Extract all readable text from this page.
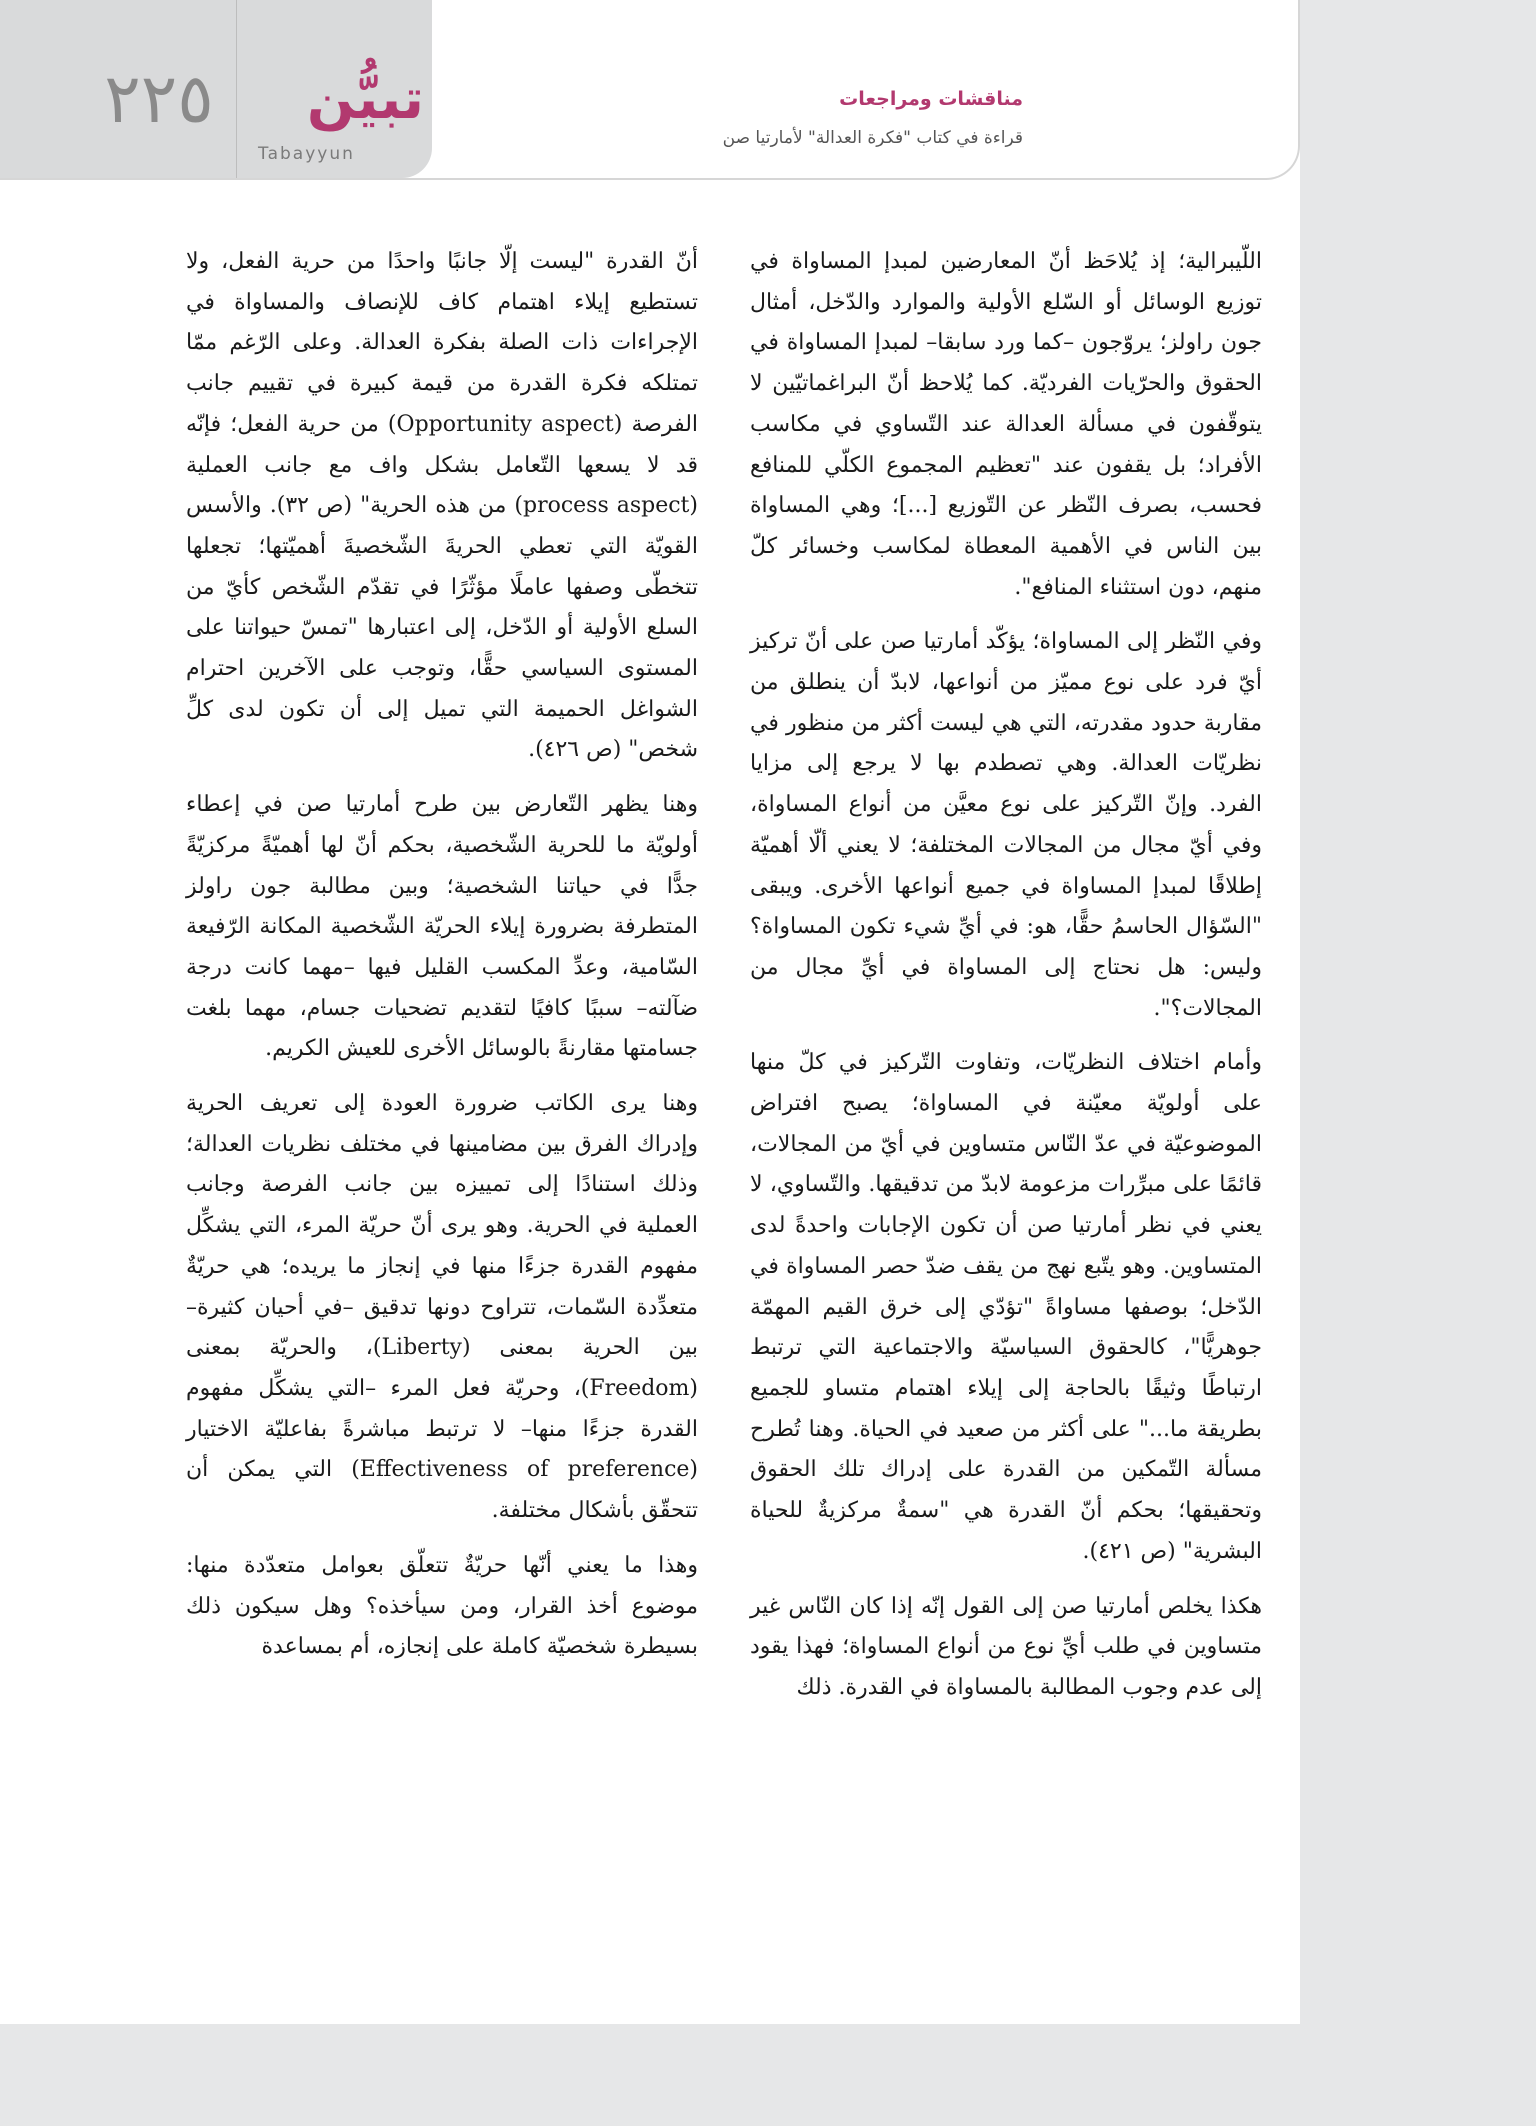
٢٢٥	تبيُّن
Tabayyun
مناقشات ومراجعات
قراءة في كتاب "فكرة العدالة" لأمارتيا صن

اللّيبرالية؛ إذ يُلاحَظ أنّ المعارضين لمبدإ المساواة في توزيع الوسائل أو السّلع الأولية والموارد والدّخل، أمثال جون راولز؛ يروّجون –كما ورد سابقا– لمبدإ المساواة في الحقوق والحرّيات الفرديّة. كما يُلاحظ أنّ البراغماتيّين لا يتوقّفون في مسألة العدالة عند التّساوي في مكاسب الأفراد؛ بل يقفون عند "تعظيم المجموع الكلّي للمنافع فحسب، بصرف النّظر عن التّوزيع [...]؛ وهي المساواة بين الناس في الأهمية المعطاة لمكاسب وخسائر كلّ منهم، دون استثناء المنافع".

وفي النّظر إلى المساواة؛ يؤكّد أمارتيا صن على أنّ تركيز أيّ فرد على نوع مميّز من أنواعها، لابدّ أن ينطلق من مقاربة حدود مقدرته، التي هي ليست أكثر من منظور في نظريّات العدالة. وهي تصطدم بها لا يرجع إلى مزايا الفرد. وإنّ التّركيز على نوع معيَّن من أنواع المساواة، وفي أيّ مجال من المجالات المختلفة؛ لا يعني ألّا أهميّة إطلاقًا لمبدإ المساواة في جميع أنواعها الأخرى. ويبقى "السّؤال الحاسمُ حقًّا، هو: في أيِّ شيء تكون المساواة؟ وليس: هل نحتاج إلى المساواة في أيِّ مجال من المجالات؟".

وأمام اختلاف النظريّات، وتفاوت التّركيز في كلّ منها على أولويّة معيّنة في المساواة؛ يصبح افتراض الموضوعيّة في عدّ النّاس متساوين في أيّ من المجالات، قائمًا على مبرِّرات مزعومة لابدّ من تدقيقها. والتّساوي، لا يعني في نظر أمارتيا صن أن تكون الإجابات واحدةً لدى المتساوين. وهو يتّبع نهج من يقف ضدّ حصر المساواة في الدّخل؛ بوصفها مساواةً "تؤدّي إلى خرق القيم المهمّة جوهريًّا"، كالحقوق السياسيّة والاجتماعية التي ترتبط ارتباطًا وثيقًا بالحاجة إلى إيلاء اهتمام متساو للجميع بطريقة ما..." على أكثر من صعيد في الحياة. وهنا تُطرح مسألة التّمكين من القدرة على إدراك تلك الحقوق وتحقيقها؛ بحكم أنّ القدرة هي "سمةٌ مركزيةٌ للحياة البشرية" (ص ٤٢١).

هكذا يخلص أمارتيا صن إلى القول إنّه إذا كان النّاس غير متساوين في طلب أيِّ نوع من أنواع المساواة؛ فهذا يقود إلى عدم وجوب المطالبة بالمساواة في القدرة. ذلك

أنّ القدرة "ليست إلّا جانبًا واحدًا من حرية الفعل، ولا تستطيع إيلاء اهتمام كاف للإنصاف والمساواة في الإجراءات ذات الصلة بفكرة العدالة. وعلى الرّغم ممّا تمتلكه فكرة القدرة من قيمة كبيرة في تقييم جانب الفرصة (Opportunity aspect) من حرية الفعل؛ فإنّه قد لا يسعها التّعامل بشكل واف مع جانب العملية (process aspect) من هذه الحرية" (ص ٣٢). والأسس القويّة التي تعطي الحريةَ الشّخصيةَ أهميّتها؛ تجعلها تتخطّى وصفها عاملًا مؤثّرًا في تقدّم الشّخص كأيّ من السلع الأولية أو الدّخل، إلى اعتبارها "تمسّ حيواتنا على المستوى السياسي حقًّا، وتوجب على الآخرين احترام الشواغل الحميمة التي تميل إلى أن تكون لدى كلِّ شخص" (ص ٤٢٦).

وهنا يظهر التّعارض بين طرح أمارتيا صن في إعطاء أولويّة ما للحرية الشّخصية، بحكم أنّ لها أهميّةً مركزيّةً جدًّا في حياتنا الشخصية؛ وبين مطالبة جون راولز المتطرفة بضرورة إيلاء الحريّة الشّخصية المكانة الرّفيعة السّامية، وعدِّ المكسب القليل فيها –مهما كانت درجة ضآلته– سببًا كافيًا لتقديم تضحيات جسام، مهما بلغت جسامتها مقارنةً بالوسائل الأخرى للعيش الكريم.

وهنا يرى الكاتب ضرورة العودة إلى تعريف الحرية وإدراك الفرق بين مضامينها في مختلف نظريات العدالة؛ وذلك استنادًا إلى تمييزه بين جانب الفرصة وجانب العملية في الحرية. وهو يرى أنّ حريّة المرء، التي يشكِّل مفهوم القدرة جزءًا منها في إنجاز ما يريده؛ هي حريّةٌ متعدِّدة السّمات، تتراوح دونها تدقيق –في أحيان كثيرة– بين الحرية بمعنى (Liberty)، والحريّة بمعنى (Freedom)، وحريّة فعل المرء –التي يشكِّل مفهوم القدرة جزءًا منها– لا ترتبط مباشرةً بفاعليّة الاختيار (Effectiveness of preference) التي يمكن أن تتحقّق بأشكال مختلفة.

وهذا ما يعني أنّها حريّةٌ تتعلّق بعوامل متعدّدة منها: موضوع أخذ القرار، ومن سيأخذه؟ وهل سيكون ذلك بسيطرة شخصيّة كاملة على إنجازه، أم بمساعدة
